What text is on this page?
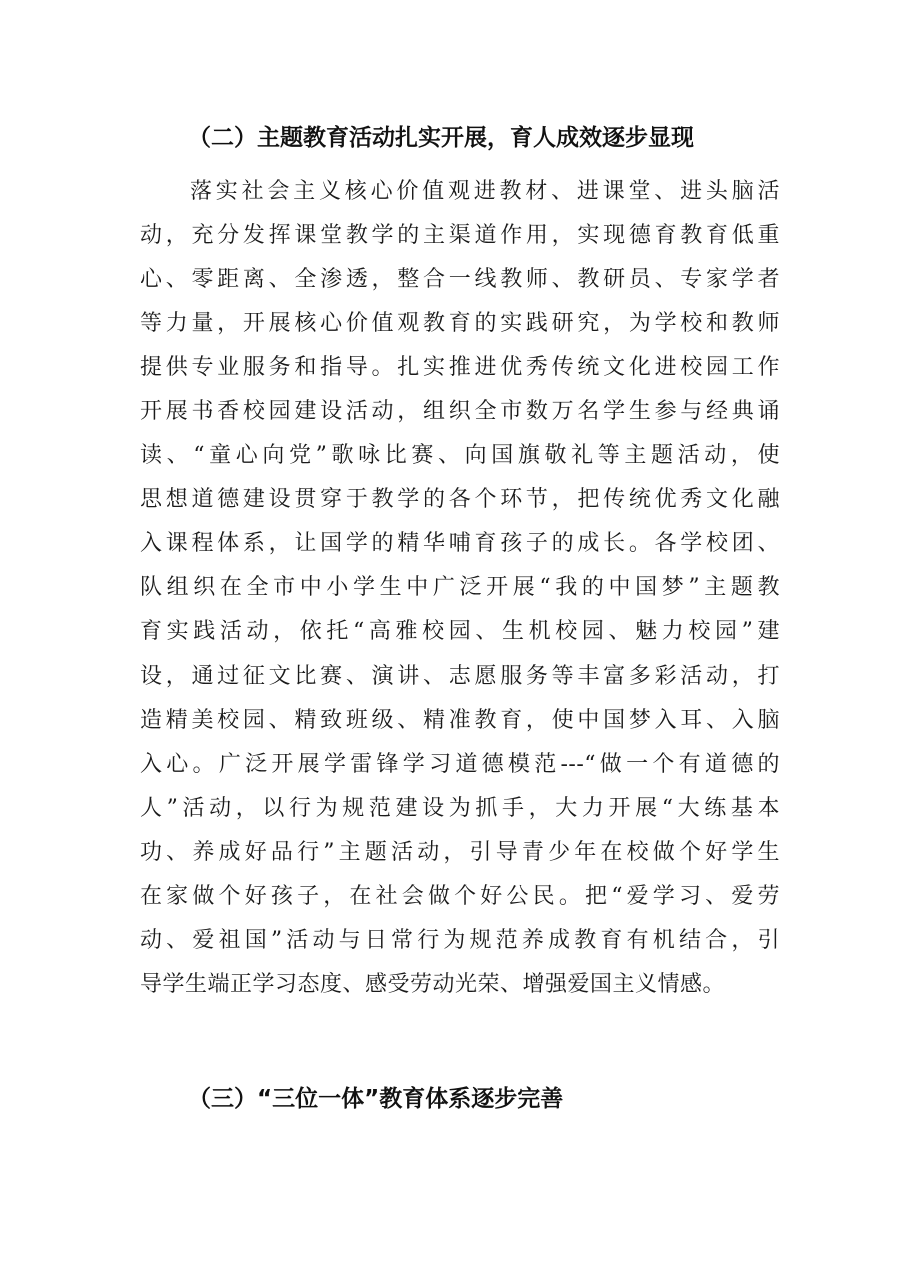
（二）主题教育活动扎实开展，育人成效逐步显现
落实社会主义核心价值观进教材、进课堂、进头脑活
动，充分发挥课堂教学的主渠道作用，实现德育教育低重
心、零距离、全渗透，整合一线教师、教研员、专家学者
等力量，开展核心价值观教育的实践研究，为学校和教师
提供专业服务和指导。扎实推进优秀传统文化进校园工作
开展书香校园建设活动，组织全市数万名学生参与经典诵
读、“童心向党”歌咏比赛、向国旗敬礼等主题活动，使
思想道德建设贯穿于教学的各个环节，把传统优秀文化融
入课程体系，让国学的精华哺育孩子的成长。各学校团、
队组织在全市中小学生中广泛开展“我的中国梦”主题教
育实践活动，依托“高雅校园、生机校园、魅力校园”建
设，通过征文比赛、演讲、志愿服务等丰富多彩活动，打
造精美校园、精致班级、精准教育，使中国梦入耳、入脑
入心。广泛开展学雷锋学习道德模范---“做一个有道德的
人”活动，以行为规范建设为抓手，大力开展“大练基本
功、养成好品行”主题活动，引导青少年在校做个好学生
在家做个好孩子，在社会做个好公民。把“爱学习、爱劳
动、爱祖国”活动与日常行为规范养成教育有机结合，引
导学生端正学习态度、感受劳动光荣、增强爱国主义情感。
（三）“三位一体”教育体系逐步完善
